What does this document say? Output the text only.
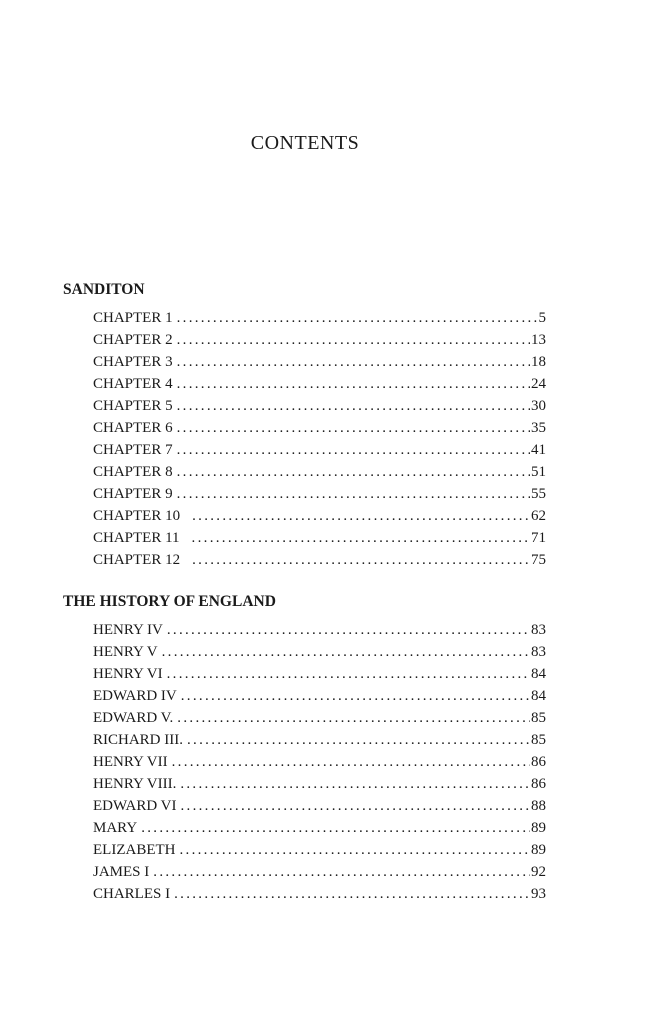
CONTENTS
SANDITON
CHAPTER 1 .....	5
CHAPTER 2 .....	13
CHAPTER 3 .....	18
CHAPTER 4 .....	24
CHAPTER 5 .....	30
CHAPTER 6 .....	35
CHAPTER 7 .....	41
CHAPTER 8 .....	51
CHAPTER 9 .....	55
CHAPTER 10 .....	62
CHAPTER 11 .....	71
CHAPTER 12 .....	75
THE HISTORY OF ENGLAND
HENRY IV .....	83
HENRY V .....	83
HENRY VI .....	84
EDWARD IV .....	84
EDWARD V. .....	85
RICHARD III. .....	85
HENRY VII .....	86
HENRY VIII. .....	86
EDWARD VI .....	88
MARY .....	89
ELIZABETH .....	89
JAMES I .....	92
CHARLES I .....	93
